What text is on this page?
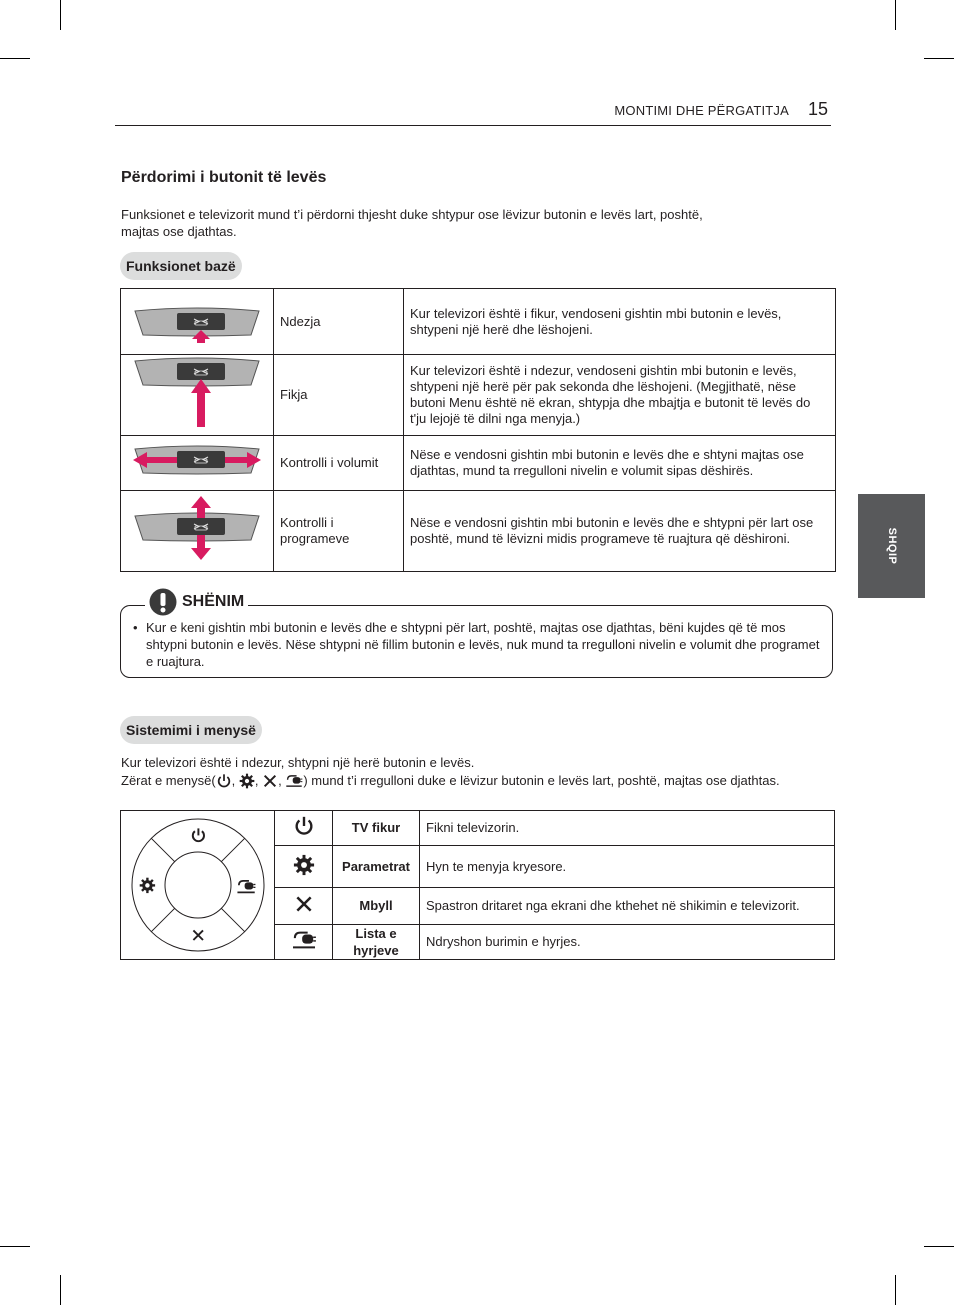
MONTIMI DHE PËRGATITJA 15
SHQIP
Përdorimi i butonit të levës
Funksionet e televizorit mund t’i përdorni thjesht duke shtypur ose lëvizur butonin e levës lart, poshtë,
majtas ose djathtas.
Funksionet bazë
	Ndezja	Kur televizori është i fikur, vendoseni gishtin mbi butonin e levës, shtypeni një herë dhe lëshojeni.
	Fikja	Kur televizori është i ndezur, vendoseni gishtin mbi butonin e levës, shtypeni një herë për pak sekonda dhe lëshojeni. (Megjithatë, nëse butoni Menu është në ekran, shtypja dhe mbajtja e butonit të levës do t'ju lejojë të dilni nga menyja.)
	Kontrolli i volumit	Nëse e vendosni gishtin mbi butonin e levës dhe e shtyni majtas ose djathtas, mund ta rregulloni nivelin e volumit sipas dëshirës.
	Kontrolli i programeve	Nëse e vendosni gishtin mbi butonin e levës dhe e shtypni për lart ose poshtë, mund të lëvizni midis programeve të ruajtura që dëshironi.
SHËNIM
• Kur e keni gishtin mbi butonin e levës dhe e shtypni për lart, poshtë, majtas ose djathtas, bëni kujdes që të mos shtypni butonin e levës. Nëse shtypni në fillim butonin e levës, nuk mund ta rregulloni nivelin e volumit dhe programet e ruajtura.
Sistemimi i menysë
Kur televizori është i ndezur, shtypni një herë butonin e levës.
Zërat e menysë( , , , ) mund t’i rregulloni duke e lëvizur butonin e levës lart, poshtë, majtas ose djathtas.
		TV fikur	Fikni televizorin.
	Parametrat	Hyn te menyja kryesore.
	Mbyll	Spastron dritaret nga ekrani dhe kthehet në shikimin e televizorit.
	Lista e hyrjeve	Ndryshon burimin e hyrjes.
